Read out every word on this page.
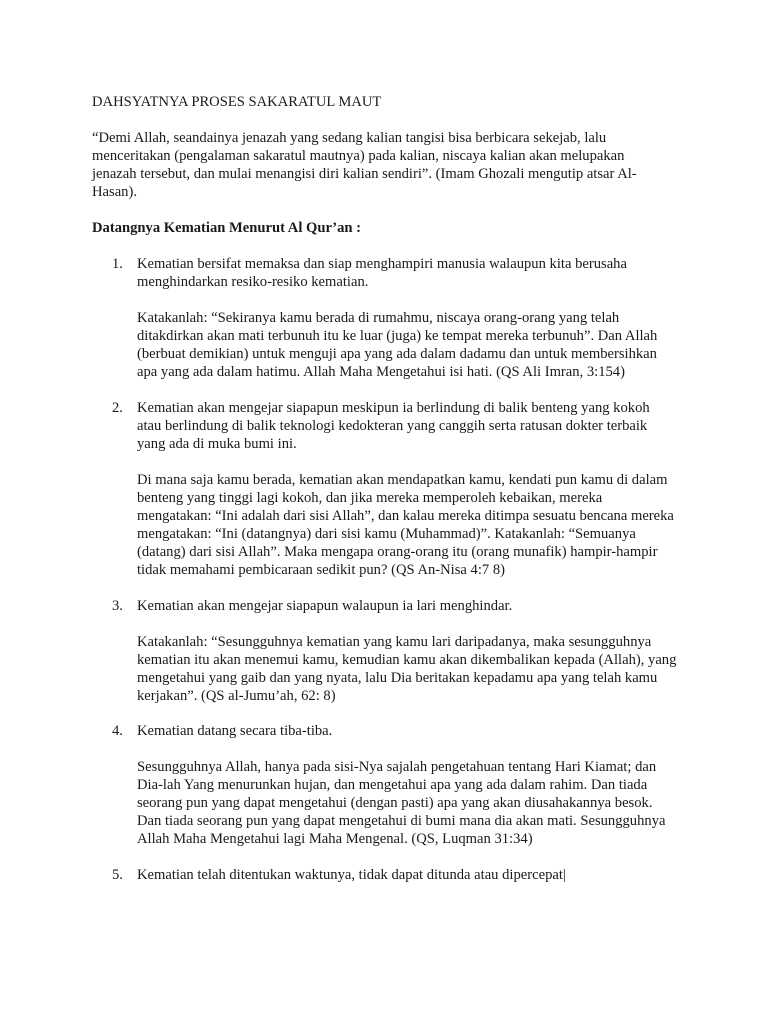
DAHSYATNYA PROSES SAKARATUL MAUT
“Demi Allah, seandainya jenazah yang sedang kalian tangisi bisa berbicara sekejab, lalu menceritakan (pengalaman sakaratul mautnya) pada kalian, niscaya kalian akan melupakan jenazah tersebut, dan mulai menangisi diri kalian sendiri”. (Imam Ghozali mengutip atsar Al-Hasan).
Datangnya Kematian Menurut Al Qur’an :
1. Kematian bersifat memaksa dan siap menghampiri manusia walaupun kita berusaha menghindarkan resiko-resiko kematian.

Katakanlah: “Sekiranya kamu berada di rumahmu, niscaya orang-orang yang telah ditakdirkan akan mati terbunuh itu ke luar (juga) ke tempat mereka terbunuh”. Dan Allah (berbuat demikian) untuk menguji apa yang ada dalam dadamu dan untuk membersihkan apa yang ada dalam hatimu. Allah Maha Mengetahui isi hati. (QS Ali Imran, 3:154)

2. Kematian akan mengejar siapapun meskipun ia berlindung di balik benteng yang kokoh atau berlindung di balik teknologi kedokteran yang canggih serta ratusan dokter terbaik yang ada di muka bumi ini.

Di mana saja kamu berada, kematian akan mendapatkan kamu, kendati pun kamu di dalam benteng yang tinggi lagi kokoh, dan jika mereka memperoleh kebaikan, mereka mengatakan: “Ini adalah dari sisi Allah”, dan kalau mereka ditimpa sesuatu bencana mereka mengatakan: “Ini (datangnya) dari sisi kamu (Muhammad)”. Katakanlah: “Semuanya (datang) dari sisi Allah”. Maka mengapa orang-orang itu (orang munafik) hampir-hampir tidak memahami pembicaraan sedikit pun? (QS An-Nisa 4:7 8)

3. Kematian akan mengejar siapapun walaupun ia lari menghindar.

Katakanlah: “Sesungguhnya kematian yang kamu lari daripadanya, maka sesungguhnya kematian itu akan menemui kamu, kemudian kamu akan dikembalikan kepada (Allah), yang mengetahui yang gaib dan yang nyata, lalu Dia beritakan kepadamu apa yang telah kamu kerjakan”. (QS al-Jumu’ah, 62: 8)

4. Kematian datang secara tiba-tiba.

Sesungguhnya Allah, hanya pada sisi-Nya sajalah pengetahuan tentang Hari Kiamat; dan Dia-lah Yang menurunkan hujan, dan mengetahui apa yang ada dalam rahim. Dan tiada seorang pun yang dapat mengetahui (dengan pasti) apa yang akan diusahakannya besok. Dan tiada seorang pun yang dapat mengetahui di bumi mana dia akan mati. Sesungguhnya Allah Maha Mengetahui lagi Maha Mengenal. (QS, Luqman 31:34)

5. Kematian telah ditentukan waktunya, tidak dapat ditunda atau dipercepat|
